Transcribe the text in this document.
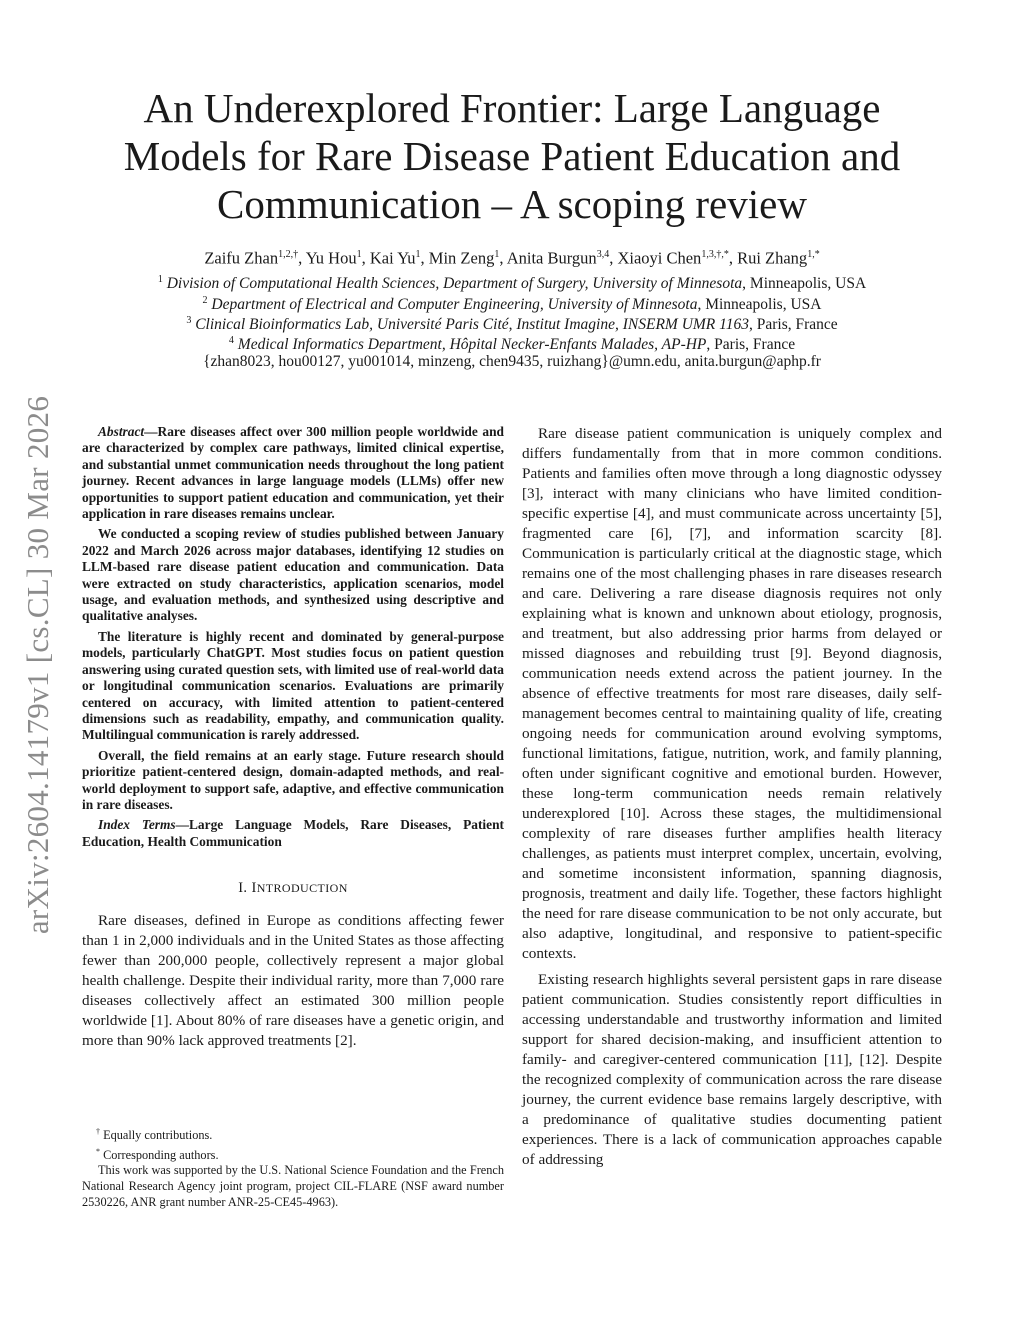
arXiv:2604.14179v1 [cs.CL] 30 Mar 2026
An Underexplored Frontier: Large Language Models for Rare Disease Patient Education and Communication – A scoping review
Zaifu Zhan$^{1,2,\dagger}$, Yu Hou$^1$, Kai Yu$^1$, Min Zeng$^1$, Anita Burgun$^{3,4}$, Xiaoyi Chen$^{1,3,\dagger,*}$, Rui Zhang$^{1,*}$
$^1$ Division of Computational Health Sciences, Department of Surgery, University of Minnesota, Minneapolis, USA
$^2$ Department of Electrical and Computer Engineering, University of Minnesota, Minneapolis, USA
$^3$ Clinical Bioinformatics Lab, Université Paris Cité, Institut Imagine, INSERM UMR 1163, Paris, France
$^4$ Medical Informatics Department, Hôpital Necker-Enfants Malades, AP-HP, Paris, France
{zhan8023, hou00127, yu001014, minzeng, chen9435, ruizhang}@umn.edu, anita.burgun@aphp.fr

Abstract—Rare diseases affect over 300 million people worldwide and are characterized by complex care pathways, limited clinical expertise, and substantial unmet communication needs throughout the long patient journey. Recent advances in large language models (LLMs) offer new opportunities to support patient education and communication, yet their application in rare diseases remains unclear.

We conducted a scoping review of studies published between January 2022 and March 2026 across major databases, identifying 12 studies on LLM-based rare disease patient education and communication. Data were extracted on study characteristics, application scenarios, model usage, and evaluation methods, and synthesized using descriptive and qualitative analyses.

The literature is highly recent and dominated by general-purpose models, particularly ChatGPT. Most studies focus on patient question answering using curated question sets, with limited use of real-world data or longitudinal communication scenarios. Evaluations are primarily centered on accuracy, with limited attention to patient-centered dimensions such as readability, empathy, and communication quality. Multilingual communication is rarely addressed.

Overall, the field remains at an early stage. Future research should prioritize patient-centered design, domain-adapted methods, and real-world deployment to support safe, adaptive, and effective communication in rare diseases.

Index Terms—Large Language Models, Rare Diseases, Patient Education, Health Communication

I. INTRODUCTION

Rare diseases, defined in Europe as conditions affecting fewer than 1 in 2,000 individuals and in the United States as those affecting fewer than 200,000 people, collectively represent a major global health challenge. Despite their individual rarity, more than 7,000 rare diseases collectively affect an estimated 300 million people worldwide [1]. About 80% of rare diseases have a genetic origin, and more than 90% lack approved treatments [2].

Rare disease patient communication is uniquely complex and differs fundamentally from that in more common conditions. Patients and families often move through a long diagnostic odyssey [3], interact with many clinicians who have limited condition-specific expertise [4], and must communicate across uncertainty [5], fragmented care [6], [7], and information scarcity [8]. Communication is particularly critical at the diagnostic stage, which remains one of the most challenging phases in rare diseases research and care. Delivering a rare disease diagnosis requires not only explaining what is known and unknown about etiology, prognosis, and treatment, but also addressing prior harms from delayed or missed diagnoses and rebuilding trust [9]. Beyond diagnosis, communication needs extend across the patient journey. In the absence of effective treatments for most rare diseases, daily self-management becomes central to maintaining quality of life, creating ongoing needs for communication around evolving symptoms, functional limitations, fatigue, nutrition, work, and family planning, often under significant cognitive and emotional burden. However, these long-term communication needs remain relatively underexplored [10]. Across these stages, the multidimensional complexity of rare diseases further amplifies health literacy challenges, as patients must interpret complex, uncertain, evolving, and sometime inconsistent information, spanning diagnosis, prognosis, treatment and daily life. Together, these factors highlight the need for rare disease communication to be not only accurate, but also adaptive, longitudinal, and responsive to patient-specific contexts.

Existing research highlights several persistent gaps in rare disease patient communication. Studies consistently report difficulties in accessing understandable and trustworthy information and limited support for shared decision-making, and insufficient attention to family- and caregiver-centered communication [11], [12]. Despite the recognized complexity of communication across the rare disease journey, the current evidence base remains largely descriptive, with a predominance of qualitative studies documenting patient experiences. There is a lack of communication approaches capable of addressing

† Equally contributions.
* Corresponding authors.
This work was supported by the U.S. National Science Foundation and the French National Research Agency joint program, project CIL-FLARE (NSF award number 2530226, ANR grant number ANR-25-CE45-4963).
